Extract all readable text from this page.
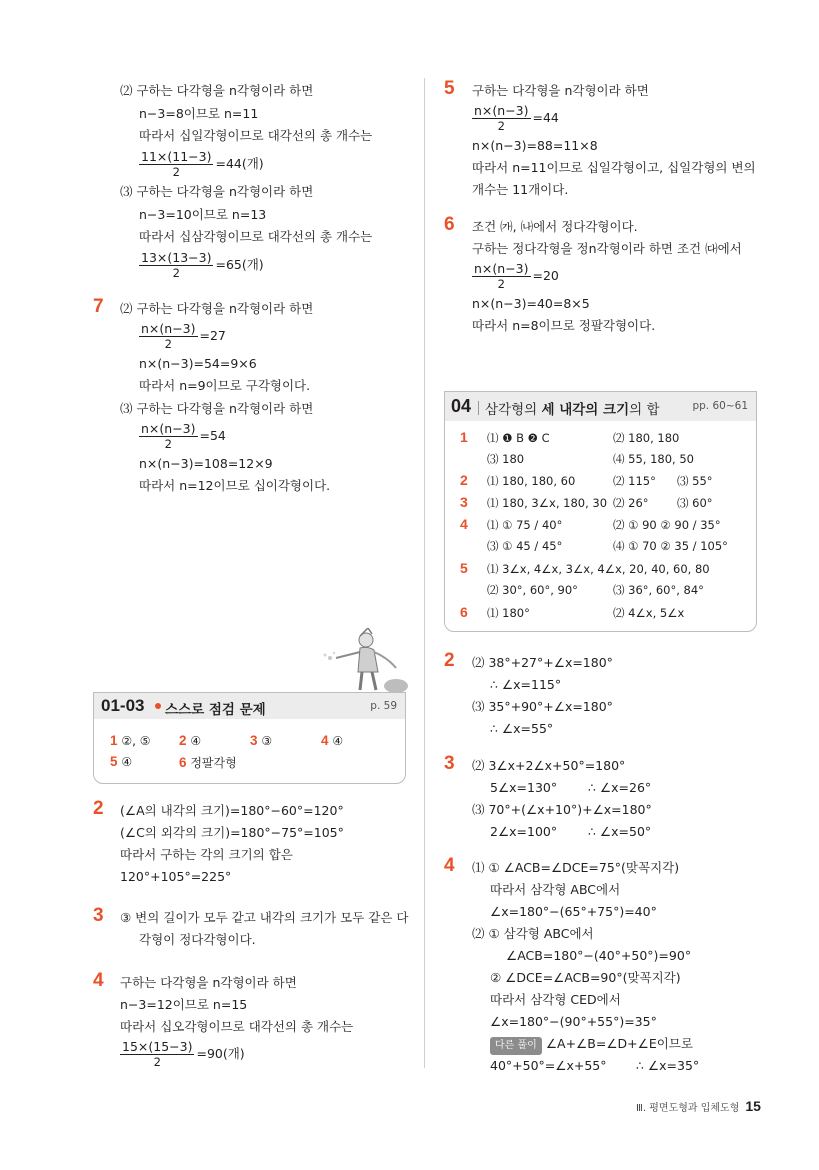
⑵ 구하는 다각형을 n각형이라 하면
n−3=8이므로 n=11
따라서 십일각형이므로 대각선의 총 개수는
$\frac{11\times(11-3)}{2} =44$(개)
⑶ 구하는 다각형을 n각형이라 하면
n−3=10이므로 n=13
따라서 십삼각형이므로 대각선의 총 개수는
$\frac{13\times(13-3)}{2} =65$(개)
7 ⑵ 구하는 다각형을 n각형이라 하면
$\frac{n\times(n-3)}{2} =27$
n×(n−3)=54=9×6
따라서 n=9이므로 구각형이다.
⑶ 구하는 다각형을 n각형이라 하면
$\frac{n\times(n-3)}{2} =54$
n×(n−3)=108=12×9
따라서 n=12이므로 십이각형이다.
01-03 스스로 점검 문제	p. 59
1 ②, ⑤ 2 ④	3 ③	4 ④
5 ④	6 정팔각형
2 (∠A의 내각의 크기)=180°−60°=120°
(∠C의 외각의 크기)=180°−75°=105°
따라서 구하는 각의 크기의 합은
120°+105°=225°
3 ③ 변의 길이가 모두 같고 내각의 크기가 모두 같은 다
각형이 정다각형이다.
4 구하는 다각형을 n각형이라 하면
n−3=12이므로 n=15
따라서 십오각형이므로 대각선의 총 개수는
$\frac{15\times(15-3)}{2} =90$(개)
5 구하는 다각형을 n각형이라 하면
$\frac{n\times(n-3)}{2} =44$
n×(n−3)=88=11×8
따라서 n=11이므로 십일각형이고, 십일각형의 변의
개수는 11개이다.
6 조건 ㈎, ㈏에서 정다각형이다.
구하는 정다각형을 정n각형이라 하면 조건 ㈐에서
$\frac{n\times(n-3)}{2} =20$
n×(n−3)=40=8×5
따라서 n=8이므로 정팔각형이다.
04 삼각형의 세 내각의 크기의 합	pp. 60~61
1 ⑴ ❶ B ❷ C	⑵ 180, 180
⑶ 180	⑷ 55, 180, 50
2 ⑴ 180, 180, 60	⑵ 115° ⑶ 55°
3 ⑴ 180, 3∠x, 180, 30 ⑵ 26° ⑶ 60°
4 ⑴ ① 75 / 40°	⑵ ① 90 ② 90 / 35°
⑶ ① 45 / 45°	⑷ ① 70 ② 35 / 105°
5 ⑴ 3∠x, 4∠x, 3∠x, 4∠x, 20, 40, 60, 80
⑵ 30°, 60°, 90°	⑶ 36°, 60°, 84°
6 ⑴ 180°	⑵ 4∠x, 5∠x
2 ⑵ 38°+27°+∠x=180°
∴ ∠x=115°
⑶ 35°+90°+∠x=180°
∴ ∠x=55°
3 ⑵ 3∠x+2∠x+50°=180°
5∠x=130° ∴ ∠x=26°
⑶ 70°+(∠x+10°)+∠x=180°
2∠x=100° ∴ ∠x=50°
4 ⑴ ① ∠ACB=∠DCE=75°(맞꼭지각)
따라서 삼각형 ABC에서
∠x=180°−(65°+75°)=40°
⑵ ① 삼각형 ABC에서
∠ACB=180°−(40°+50°)=90°
② ∠DCE=∠ACB=90°(맞꼭지각)
따라서 삼각형 CED에서
∠x=180°−(90°+55°)=35°
다른 풀이 ∠A+∠B=∠D+∠E이므로
40°+50°=∠x+55° ∴ ∠x=35°
Ⅲ. 평면도형과 입체도형 15
